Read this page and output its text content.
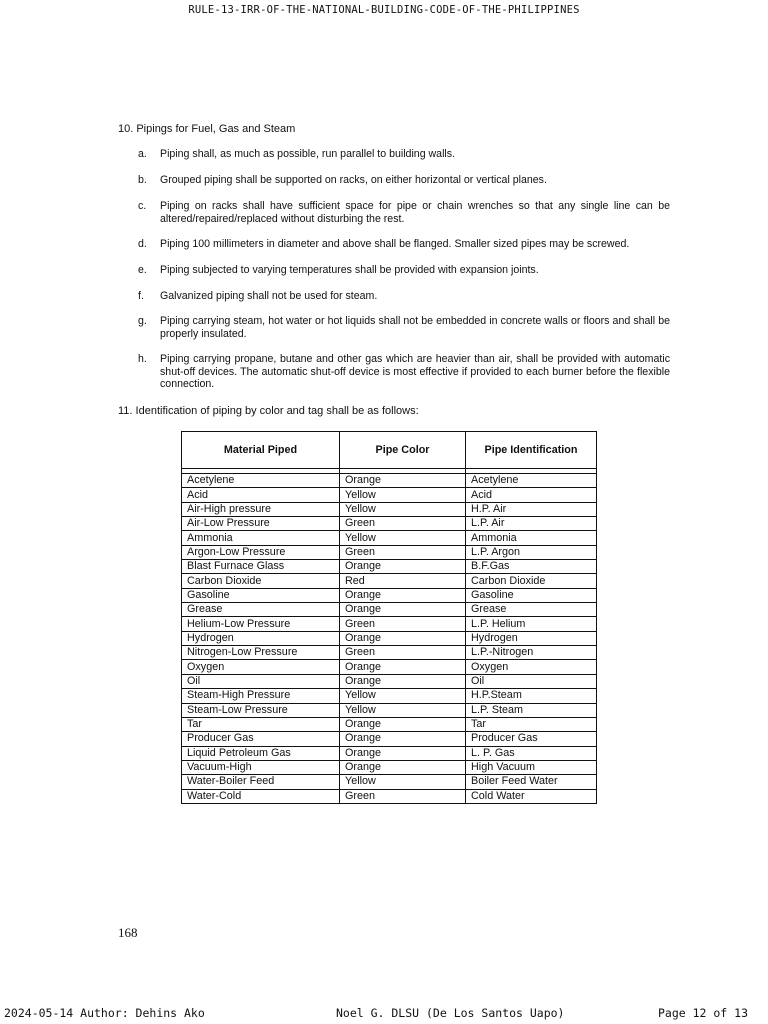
RULE-13-IRR-OF-THE-NATIONAL-BUILDING-CODE-OF-THE-PHILIPPINES
10. Pipings for Fuel, Gas and Steam
a. Piping shall, as much as possible, run parallel to building walls.
b. Grouped piping shall be supported on racks, on either horizontal or vertical planes.
c. Piping on racks shall have sufficient space for pipe or chain wrenches so that any single line can be altered/repaired/replaced without disturbing the rest.
d. Piping 100 millimeters in diameter and above shall be flanged. Smaller sized pipes may be screwed.
e. Piping subjected to varying temperatures shall be provided with expansion joints.
f. Galvanized piping shall not be used for steam.
g. Piping carrying steam, hot water or hot liquids shall not be embedded in concrete walls or floors and shall be properly insulated.
h. Piping carrying propane, butane and other gas which are heavier than air, shall be provided with automatic shut-off devices. The automatic shut-off device is most effective if provided to each burner before the flexible connection.
11. Identification of piping by color and tag shall be as follows:
Material Piped	Pipe Color	Pipe Identification

Acetylene	Orange	Acetylene
Acid	Yellow	Acid
Air-High pressure	Yellow	H.P. Air
Air-Low Pressure	Green	L.P. Air
Ammonia	Yellow	Ammonia
Argon-Low Pressure	Green	L.P. Argon
Blast Furnace Glass	Orange	B.F.Gas
Carbon Dioxide	Red	Carbon Dioxide
Gasoline	Orange	Gasoline
Grease	Orange	Grease
Helium-Low Pressure	Green	L.P. Helium
Hydrogen	Orange	Hydrogen
Nitrogen-Low Pressure	Green	L.P.-Nitrogen
Oxygen	Orange	Oxygen
Oil	Orange	Oil
Steam-High Pressure	Yellow	H.P.Steam
Steam-Low Pressure	Yellow	L.P. Steam
Tar	Orange	Tar
Producer Gas	Orange	Producer Gas
Liquid Petroleum Gas	Orange	L. P. Gas
Vacuum-High	Orange	High Vacuum
Water-Boiler Feed	Yellow	Boiler Feed Water
Water-Cold	Green	Cold Water
168
2024-05-14 Author: Dehins Ako	Noel G. DLSU (De Los Santos Uapo)	Page 12 of 13
